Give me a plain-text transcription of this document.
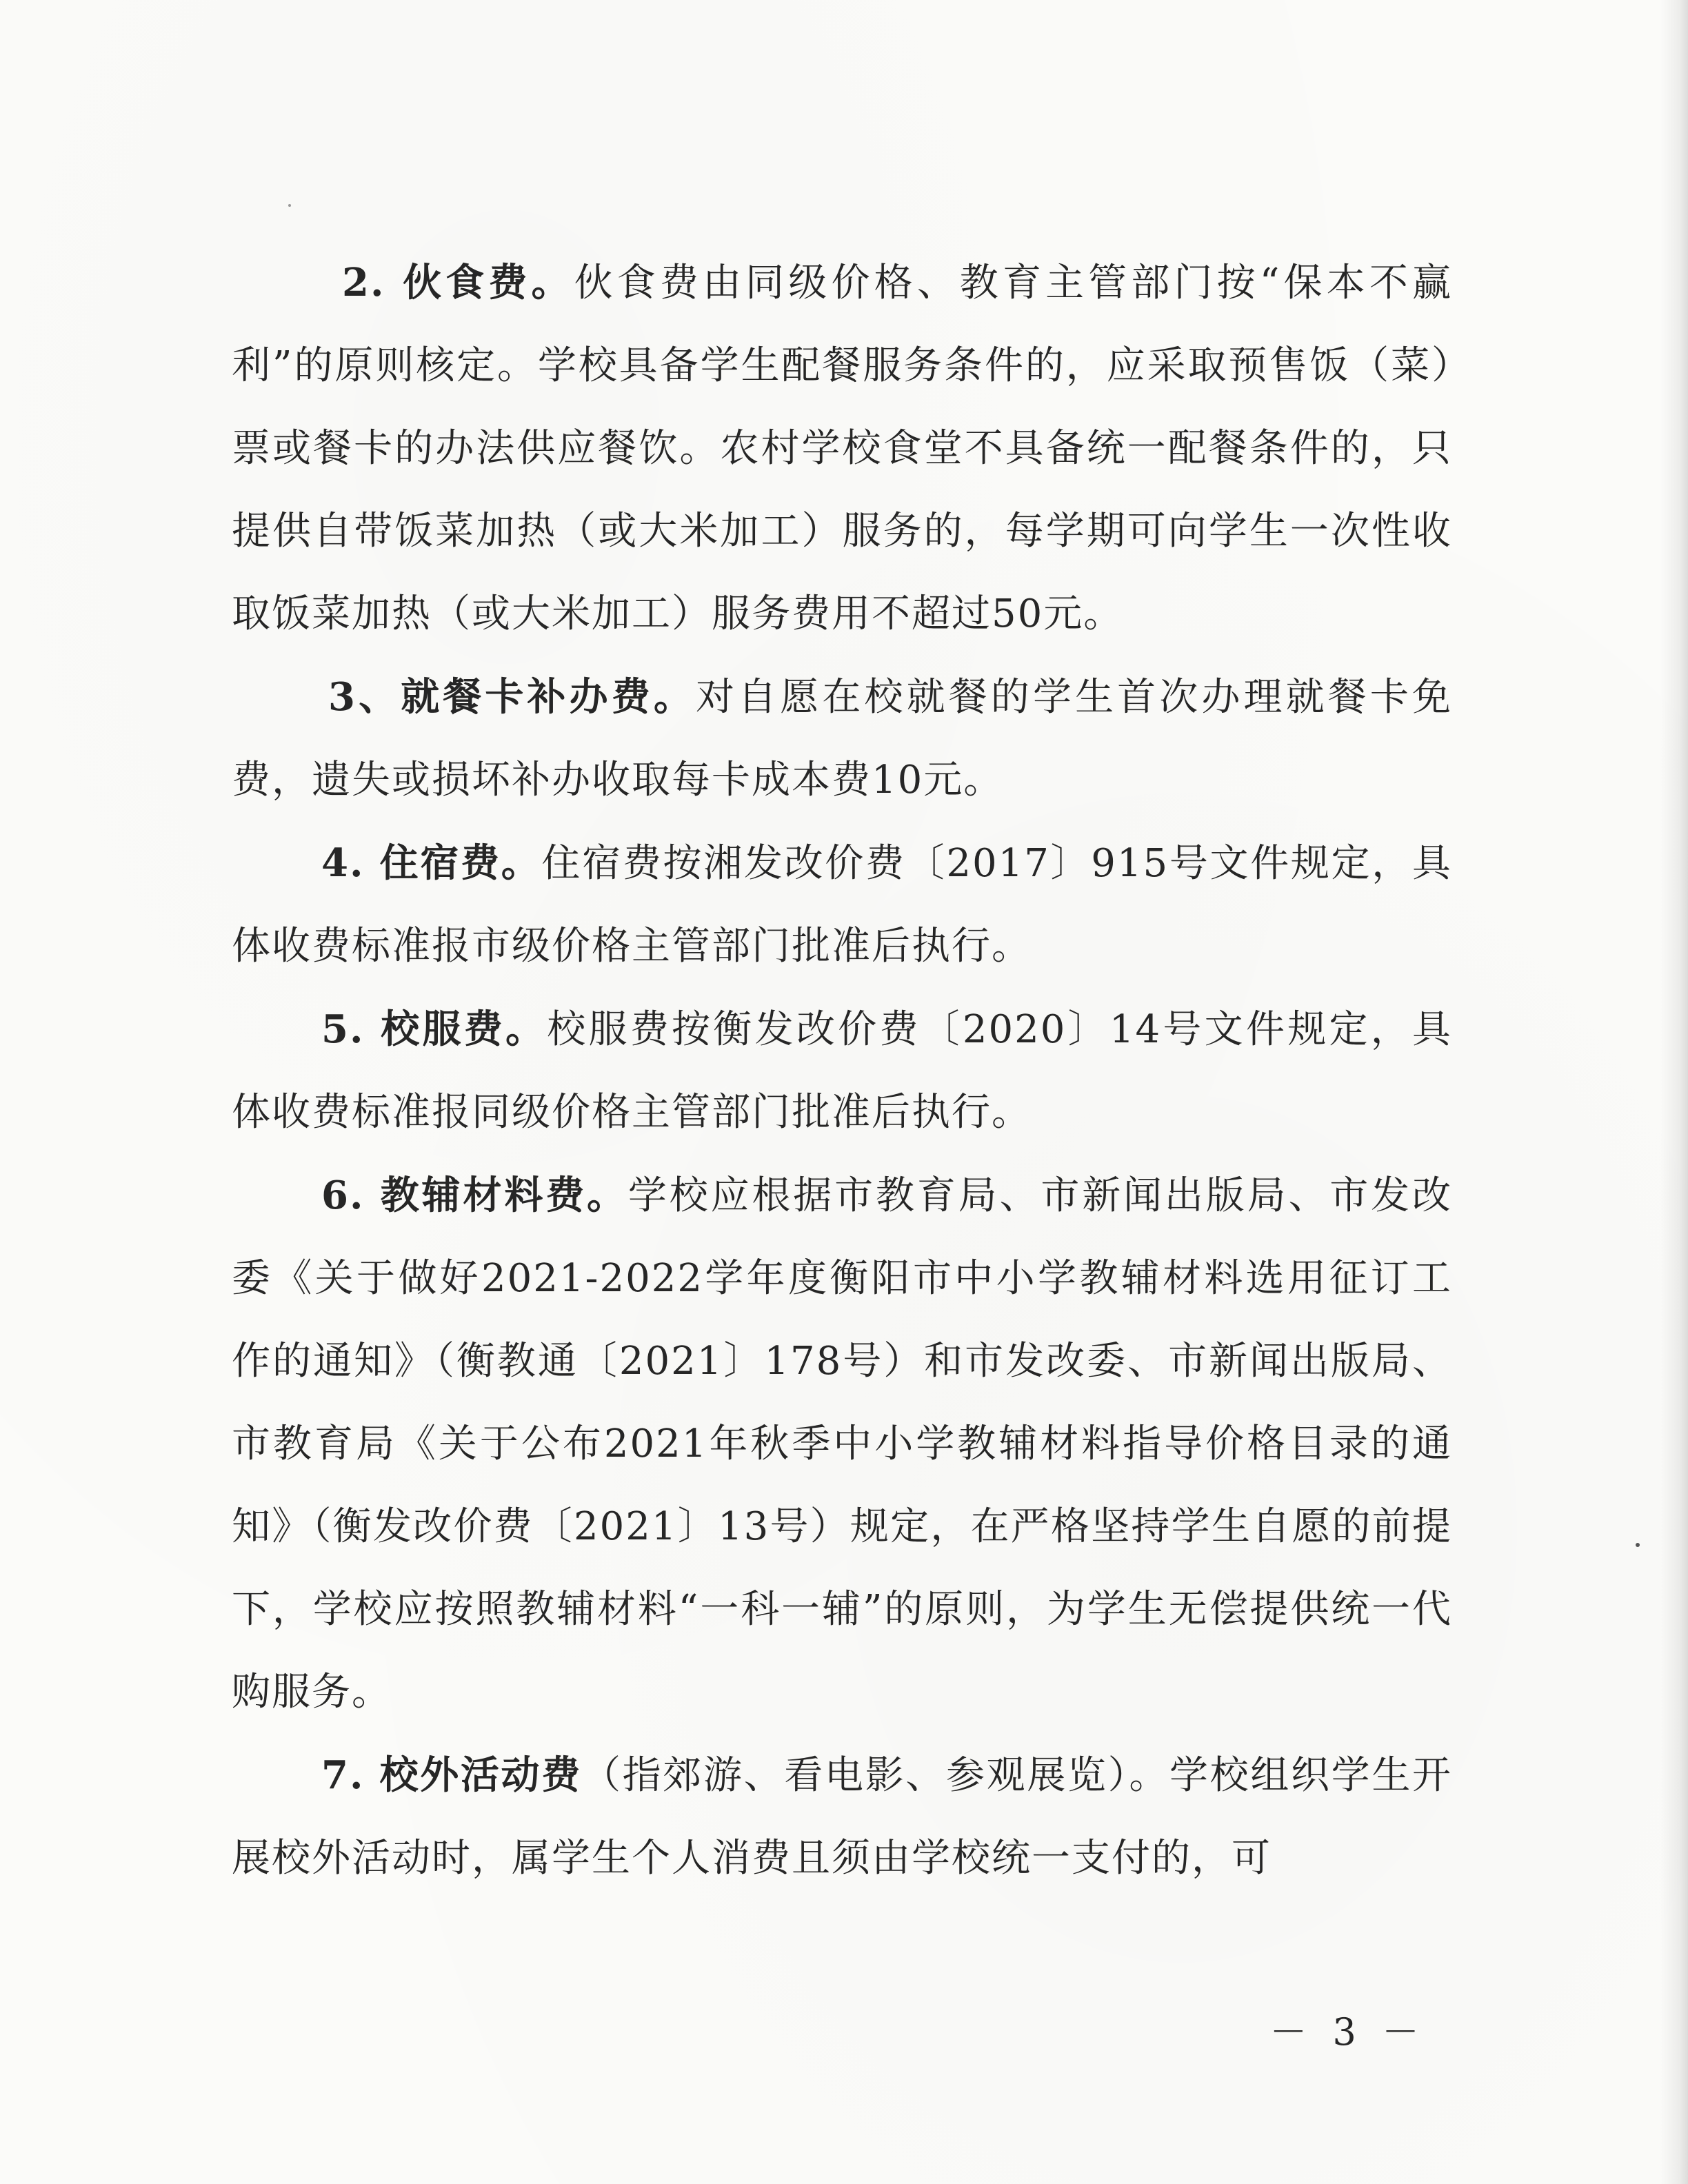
2. 伙食费。伙食费由同级价格、教育主管部门按“保本不赢利”的原则核定。学校具备学生配餐服务条件的，应采取预售饭（菜）票或餐卡的办法供应餐饮。农村学校食堂不具备统一配餐条件的，只提供自带饭菜加热（或大米加工）服务的，每学期可向学生一次性收取饭菜加热（或大米加工）服务费用不超过50元。

3、就餐卡补办费。对自愿在校就餐的学生首次办理就餐卡免费，遗失或损坏补办收取每卡成本费10元。

4. 住宿费。住宿费按湘发改价费〔2017〕915号文件规定，具体收费标准报市级价格主管部门批准后执行。

5. 校服费。校服费按衡发改价费〔2020〕14号文件规定，具体收费标准报同级价格主管部门批准后执行。

6. 教辅材料费。学校应根据市教育局、市新闻出版局、市发改委《关于做好2021-2022学年度衡阳市中小学教辅材料选用征订工作的通知》（衡教通〔2021〕178号）和市发改委、市新闻出版局、市教育局《关于公布2021年秋季中小学教辅材料指导价格目录的通知》（衡发改价费〔2021〕13号）规定，在严格坚持学生自愿的前提下，学校应按照教辅材料“一科一辅”的原则，为学生无偿提供统一代购服务。

7. 校外活动费（指郊游、看电影、参观展览）。学校组织学生开展校外活动时，属学生个人消费且须由学校统一支付的，可

－ 3 －
